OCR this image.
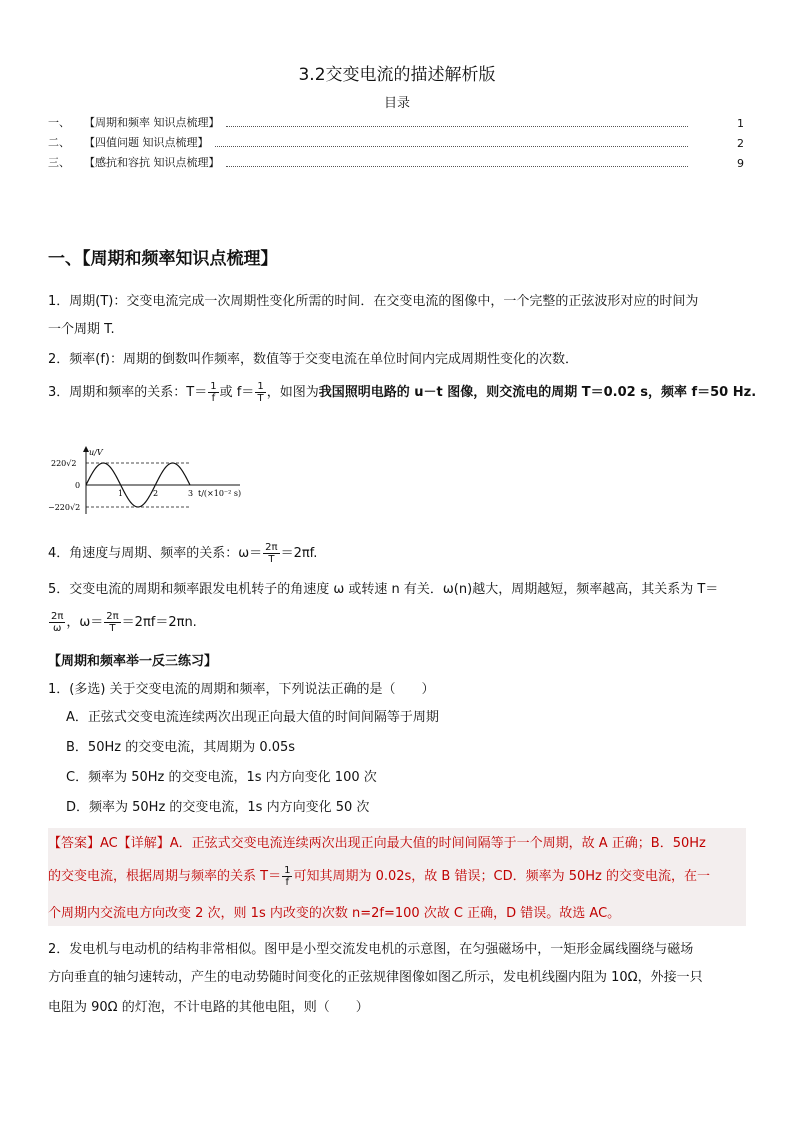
3.2交变电流的描述解析版
目录
一、	【周期和频率 知识点梳理】	1
二、	【四值问题 知识点梳理】	2
三、	【感抗和容抗 知识点梳理】	9
一、【周期和频率知识点梳理】
1．周期(T)：交变电流完成一次周期性变化所需的时间．在交变电流的图像中，一个完整的正弦波形对应的时间为
一个周期 T.
2．频率(f)：周期的倒数叫作频率，数值等于交变电流在单位时间内完成周期性变化的次数．
3．周期和频率的关系：$T= \frac{1}{f}$ 或 $f= \frac{1}{T}$ ，如图为我国照明电路的 u－t 图像，则交流电的周期 T＝0.02 s，频率 f＝50 Hz.
u/V
220√2
0
−220√2
1	2	3 t/(×10⁻² s)
4．角速度与周期、频率的关系：$\omega= \frac{2\pi}{T} =2\pi f$.
5．交变电流的周期和频率跟发电机转子的角速度 ω 或转速 n 有关．ω(n)越大，周期越短，频率越高，其关系为 T＝
$\frac{2\pi}{\omega}$ ，$\omega= \frac{2\pi}{T} =2\pi f=2\pi n$.
【周期和频率举一反三练习】
1．(多选) 关于交变电流的周期和频率，下列说法正确的是（　　）
A．正弦式交变电流连续两次出现正向最大值的时间间隔等于周期
B．50Hz 的交变电流，其周期为 0.05s
C．频率为 50Hz 的交变电流，1s 内方向变化 100 次
D．频率为 50Hz 的交变电流，1s 内方向变化 50 次
【答案】AC【详解】A．正弦式交变电流连续两次出现正向最大值的时间间隔等于一个周期，故 A 正确；B．50Hz
的交变电流，根据周期与频率的关系 $T= \frac{1}{f}$ 可知其周期为 0.02s，故 B 错误；CD．频率为 50Hz 的交变电流，在一
个周期内交流电方向改变 2 次，则 1s 内改变的次数 n=2f=100 次故 C 正确，D 错误。故选 AC。
2．发电机与电动机的结构非常相似。图甲是小型交流发电机的示意图，在匀强磁场中，一矩形金属线圈绕与磁场
方向垂直的轴匀速转动，产生的电动势随时间变化的正弦规律图像如图乙所示，发电机线圈内阻为 10Ω，外接一只
电阻为 90Ω 的灯泡，不计电路的其他电阻，则（　　）
